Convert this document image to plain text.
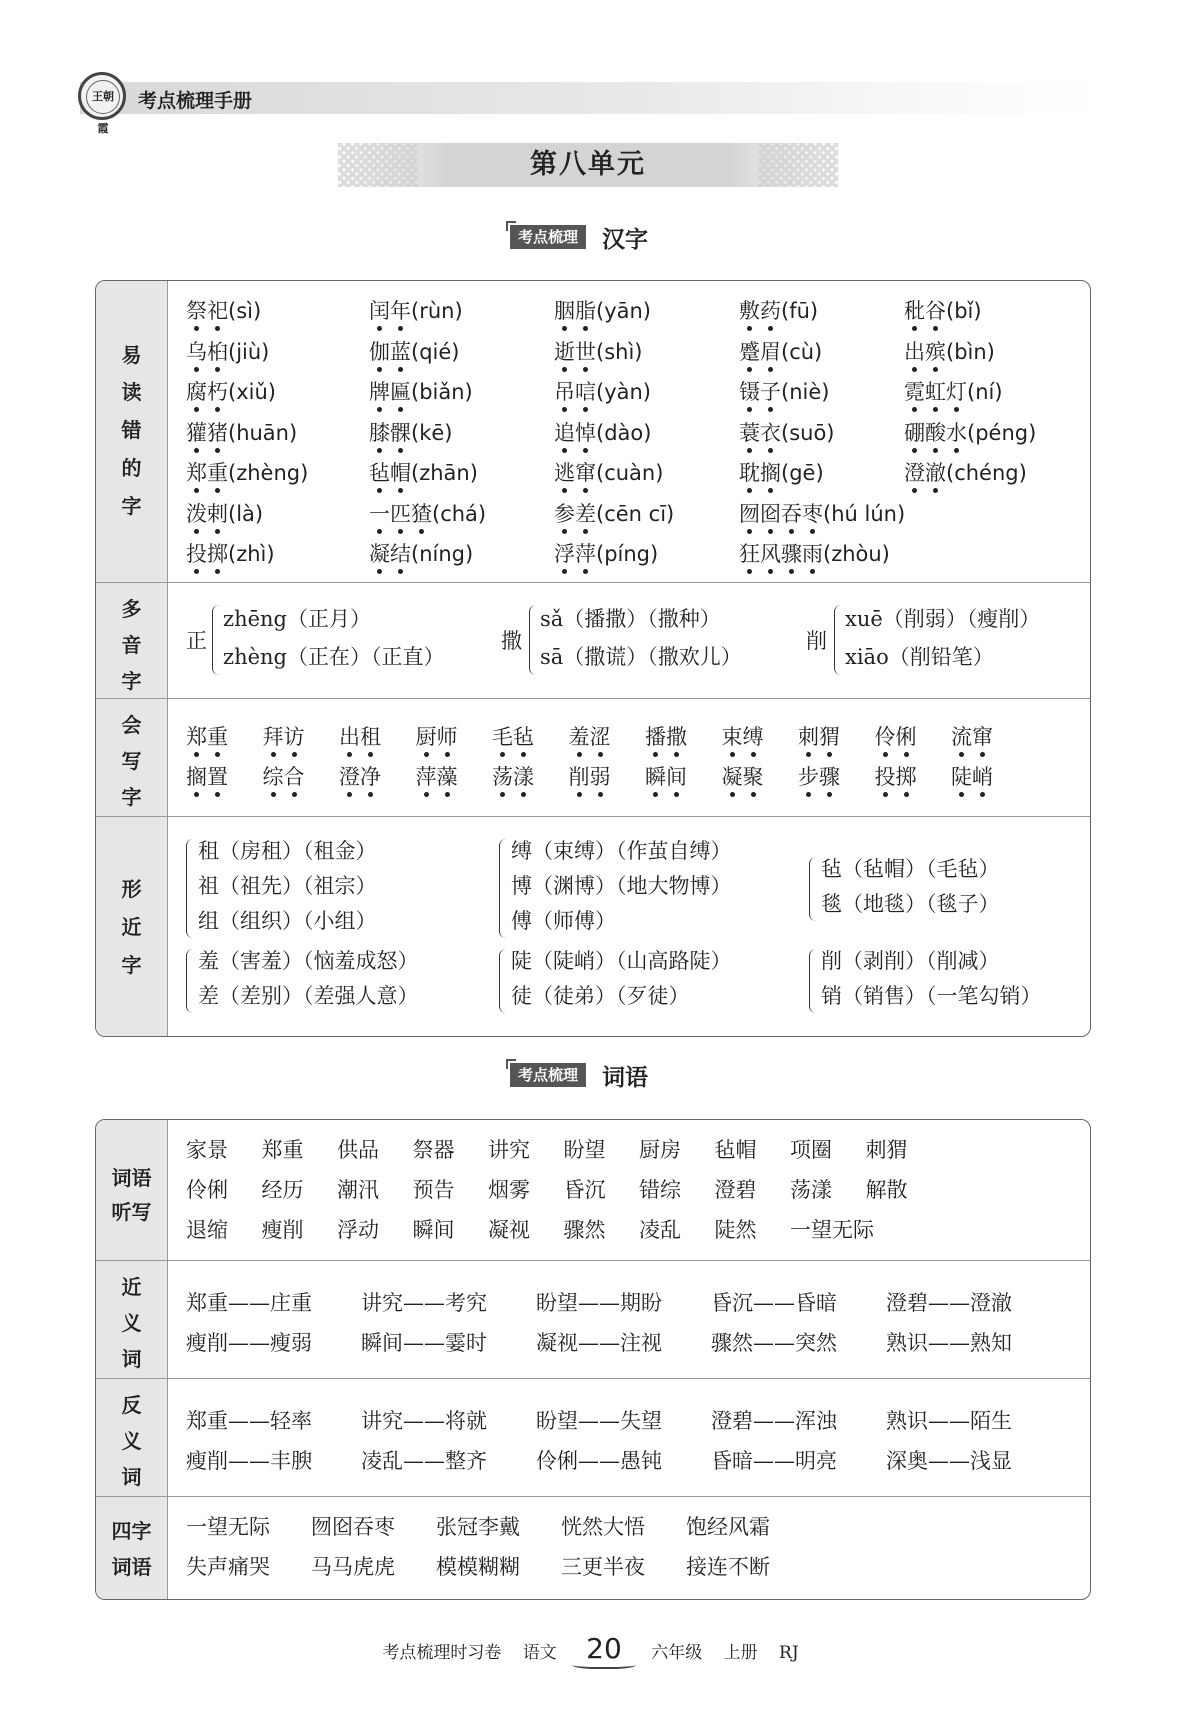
王朝霞
考点梳理手册
第八单元
考点梳理	汉字
易
读
错
的
字
祭祀(sì)	闰年(rùn)	胭脂(yān)	敷药(fū)	秕谷(bǐ)
乌桕(jiù)	伽蓝(qié)	逝世(shì)	蹙眉(cù)	出殡(bìn)
腐朽(xiǔ)	牌匾(biǎn)	吊唁(yàn)	镊子(niè)	霓虹灯(ní)
獾猪(huān)	膝髁(kē)	追悼(dào)	蓑衣(suō)	硼酸水(péng)
郑重(zhèng)	毡帽(zhān)	逃窜(cuàn)	耽搁(gē)	澄澈(chéng)
泼剌(là)	一匹猹(chá)	参差(cēn cī)	囫囵吞枣(hú lún)
投掷(zhì)	凝结(níng)	浮萍(píng)	狂风骤雨(zhòu)
多
音
字
正
zhēng（正月）
zhèng（正在）（正直）
撒
sǎ（播撒）（撒种）
sā（撒谎）（撒欢儿）
削
xuē（削弱）（瘦削）
xiāo（削铅笔）
会
写
字
郑重 拜访 出租 厨师 毛毡 羞涩 播撒 束缚 刺猬 伶俐 流窜
搁置 综合 澄净 萍藻 荡漾 削弱 瞬间 凝聚 步骤 投掷 陡峭
形
近
字
租（房租）（租金）
祖（祖先）（祖宗）
组（组织）（小组）
缚（束缚）（作茧自缚）
博（渊博）（地大物博）
傅（师傅）
毡（毡帽）（毛毡）
毯（地毯）（毯子）
羞（害羞）（恼羞成怒）
差（差别）（差强人意）
陡（陡峭）（山高路陡）
徒（徒弟）（歹徒）
削（剥削）（削减）
销（销售）（一笔勾销）
考点梳理	词语
词语
听写
家景 郑重 供品 祭器 讲究 盼望 厨房 毡帽 项圈 刺猬
伶俐 经历 潮汛 预告 烟雾 昏沉 错综 澄碧 荡漾 解散
退缩 瘦削 浮动 瞬间 凝视 骤然 凌乱 陡然 一望无际
近
义
词
郑重——庄重 讲究——考究 盼望——期盼 昏沉——昏暗 澄碧——澄澈
瘦削——瘦弱 瞬间——霎时 凝视——注视 骤然——突然 熟识——熟知
反
义
词
郑重——轻率 讲究——将就 盼望——失望 澄碧——浑浊 熟识——陌生
瘦削——丰腴 凌乱——整齐 伶俐——愚钝 昏暗——明亮 深奥——浅显
四字
词语
一望无际 囫囵吞枣 张冠李戴 恍然大悟 饱经风霜
失声痛哭 马马虎虎 模模糊糊 三更半夜 接连不断
考点梳理时习卷 语文 20 六年级 上册 RJ
